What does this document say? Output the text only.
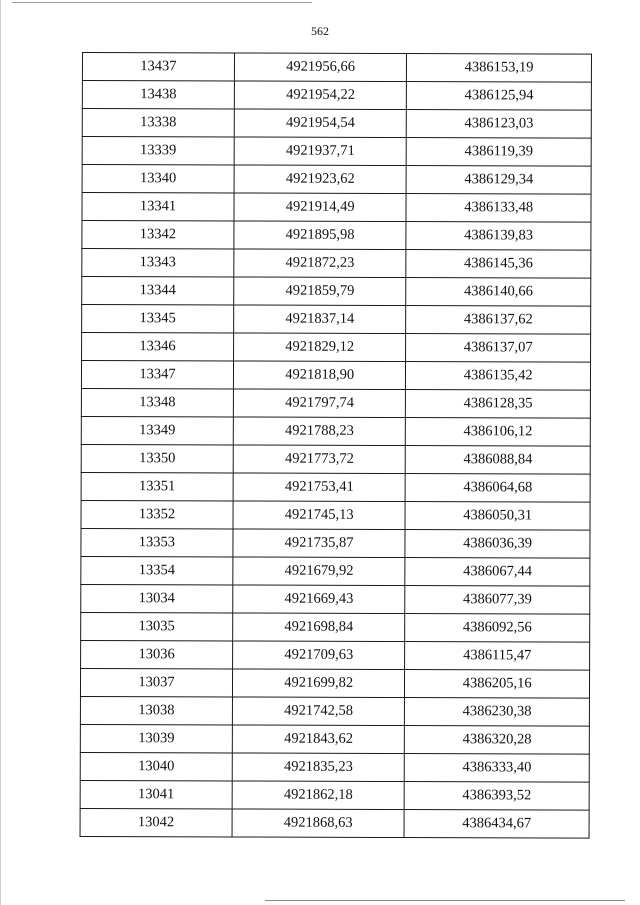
562
13437	4921956,66	4386153,19
13438	4921954,22	4386125,94
13338	4921954,54	4386123,03
13339	4921937,71	4386119,39
13340	4921923,62	4386129,34
13341	4921914,49	4386133,48
13342	4921895,98	4386139,83
13343	4921872,23	4386145,36
13344	4921859,79	4386140,66
13345	4921837,14	4386137,62
13346	4921829,12	4386137,07
13347	4921818,90	4386135,42
13348	4921797,74	4386128,35
13349	4921788,23	4386106,12
13350	4921773,72	4386088,84
13351	4921753,41	4386064,68
13352	4921745,13	4386050,31
13353	4921735,87	4386036,39
13354	4921679,92	4386067,44
13034	4921669,43	4386077,39
13035	4921698,84	4386092,56
13036	4921709,63	4386115,47
13037	4921699,82	4386205,16
13038	4921742,58	4386230,38
13039	4921843,62	4386320,28
13040	4921835,23	4386333,40
13041	4921862,18	4386393,52
13042	4921868,63	4386434,67
